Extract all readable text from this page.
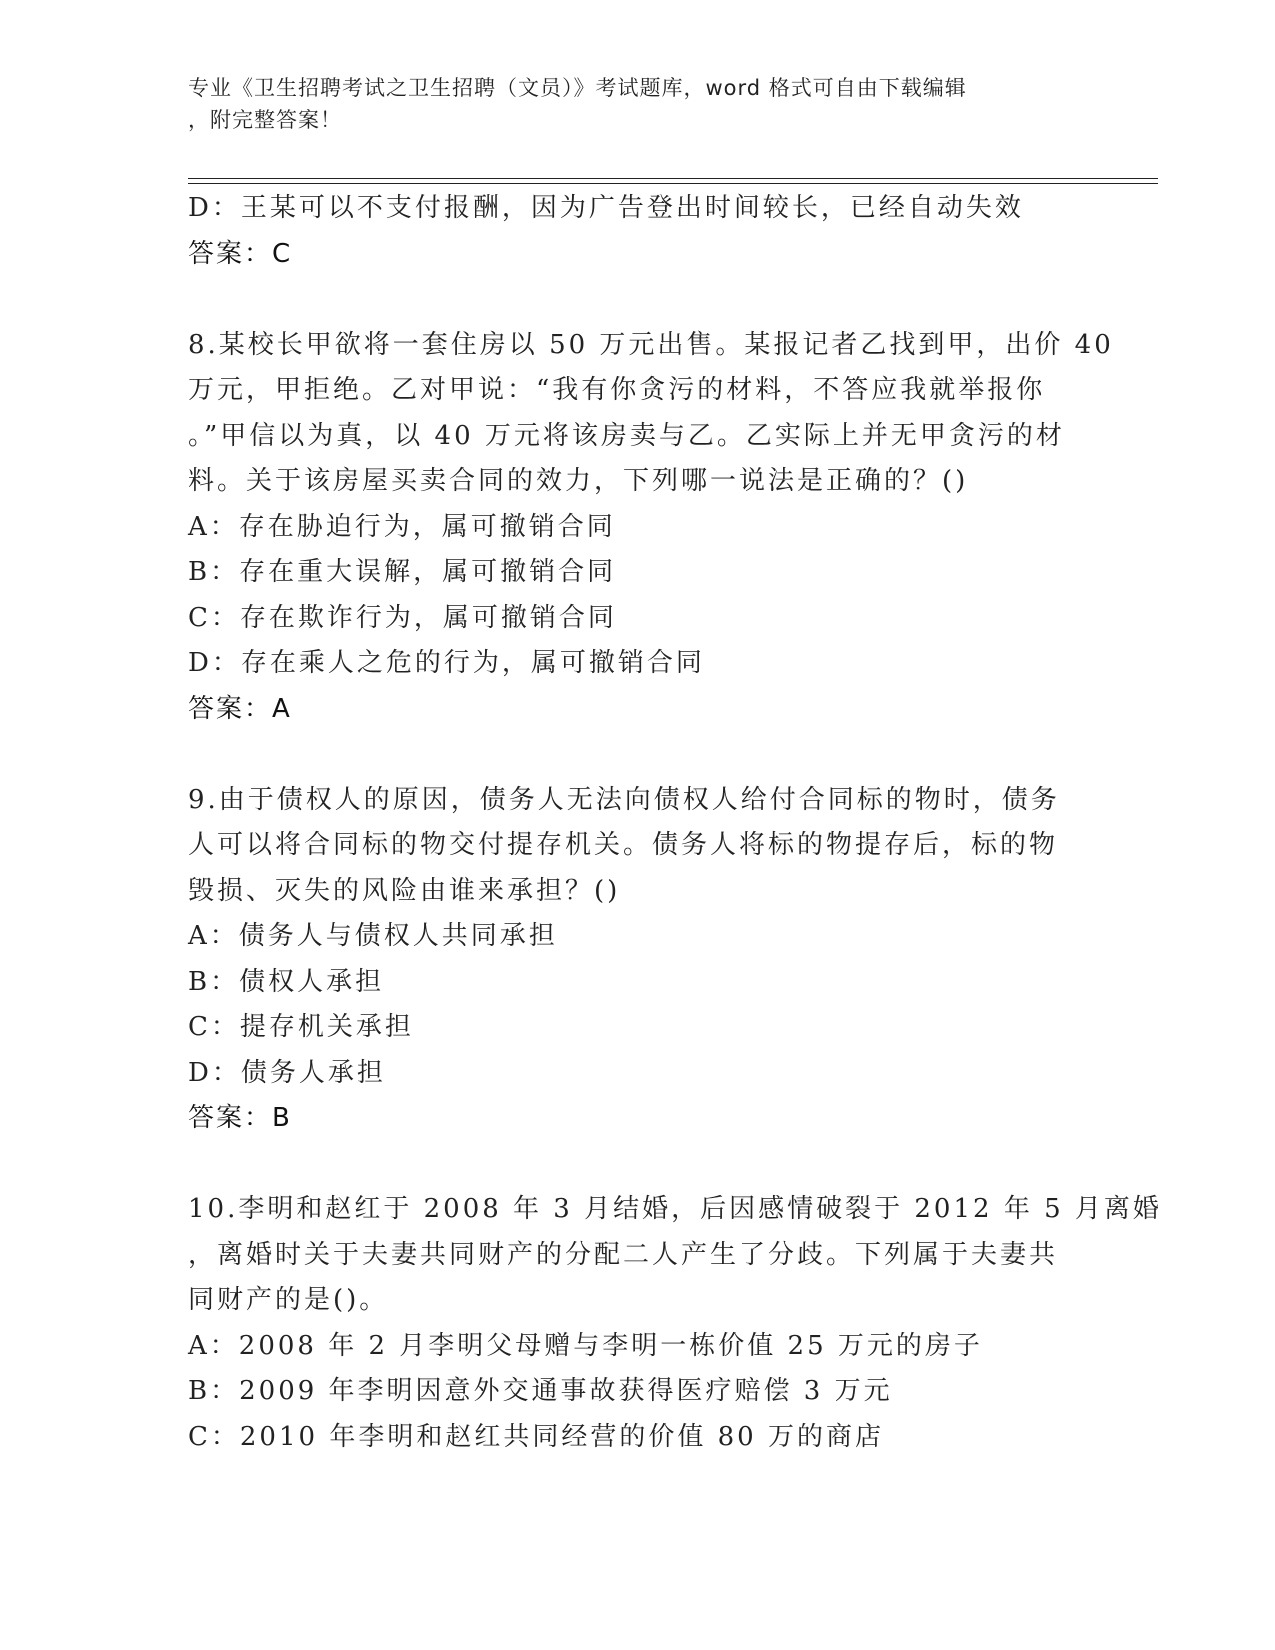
专业《卫生招聘考试之卫生招聘（文员）》考试题库，word 格式可自由下载编辑
，附完整答案！
D：王某可以不支付报酬，因为广告登出时间较长，已经自动失效
答案：C
8.某校长甲欲将一套住房以 50 万元出售。某报记者乙找到甲，出价 40
万元，甲拒绝。乙对甲说：“我有你贪污的材料，不答应我就举报你
。”甲信以为真，以 40 万元将该房卖与乙。乙实际上并无甲贪污的材
料。关于该房屋买卖合同的效力，下列哪一说法是正确的？()
A：存在胁迫行为，属可撤销合同
B：存在重大误解，属可撤销合同
C：存在欺诈行为，属可撤销合同
D：存在乘人之危的行为，属可撤销合同
答案：A
9.由于债权人的原因，债务人无法向债权人给付合同标的物时，债务
人可以将合同标的物交付提存机关。债务人将标的物提存后，标的物
毁损、灭失的风险由谁来承担？()
A：债务人与债权人共同承担
B：债权人承担
C：提存机关承担
D：债务人承担
答案：B
10.李明和赵红于 2008 年 3 月结婚，后因感情破裂于 2012 年 5 月离婚
，离婚时关于夫妻共同财产的分配二人产生了分歧。下列属于夫妻共
同财产的是()。
A：2008 年 2 月李明父母赠与李明一栋价值 25 万元的房子
B：2009 年李明因意外交通事故获得医疗赔偿 3 万元
C：2010 年李明和赵红共同经营的价值 80 万的商店
